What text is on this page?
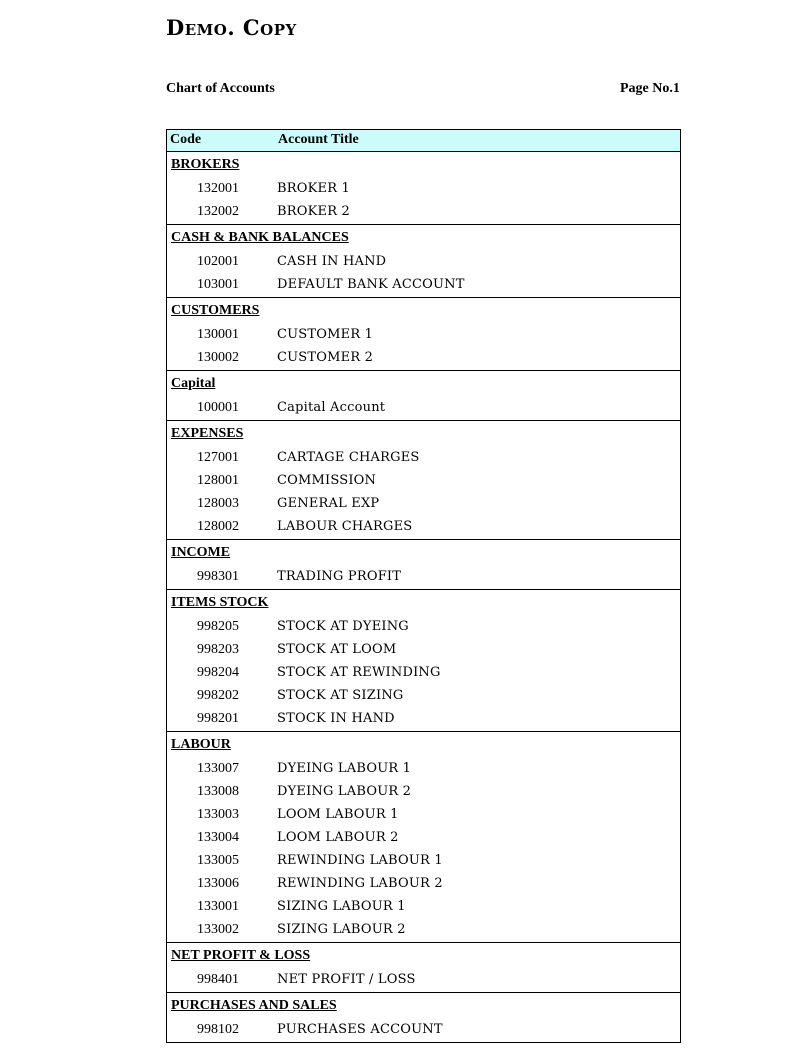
Demo. Copy
Chart of Accounts	Page No.1
Code	Account Title
BROKERS
132001	BROKER 1
132002	BROKER 2
CASH & BANK BALANCES
102001	CASH IN HAND
103001	DEFAULT BANK ACCOUNT
CUSTOMERS
130001	CUSTOMER 1
130002	CUSTOMER 2
Capital
100001	Capital Account
EXPENSES
127001	CARTAGE CHARGES
128001	COMMISSION
128003	GENERAL EXP
128002	LABOUR CHARGES
INCOME
998301	TRADING PROFIT
ITEMS STOCK
998205	STOCK AT DYEING
998203	STOCK AT LOOM
998204	STOCK AT REWINDING
998202	STOCK AT SIZING
998201	STOCK IN HAND
LABOUR
133007	DYEING LABOUR 1
133008	DYEING LABOUR 2
133003	LOOM LABOUR 1
133004	LOOM LABOUR 2
133005	REWINDING LABOUR 1
133006	REWINDING LABOUR 2
133001	SIZING LABOUR 1
133002	SIZING LABOUR 2
NET PROFIT & LOSS
998401	NET PROFIT / LOSS
PURCHASES AND SALES
998102	PURCHASES ACCOUNT
